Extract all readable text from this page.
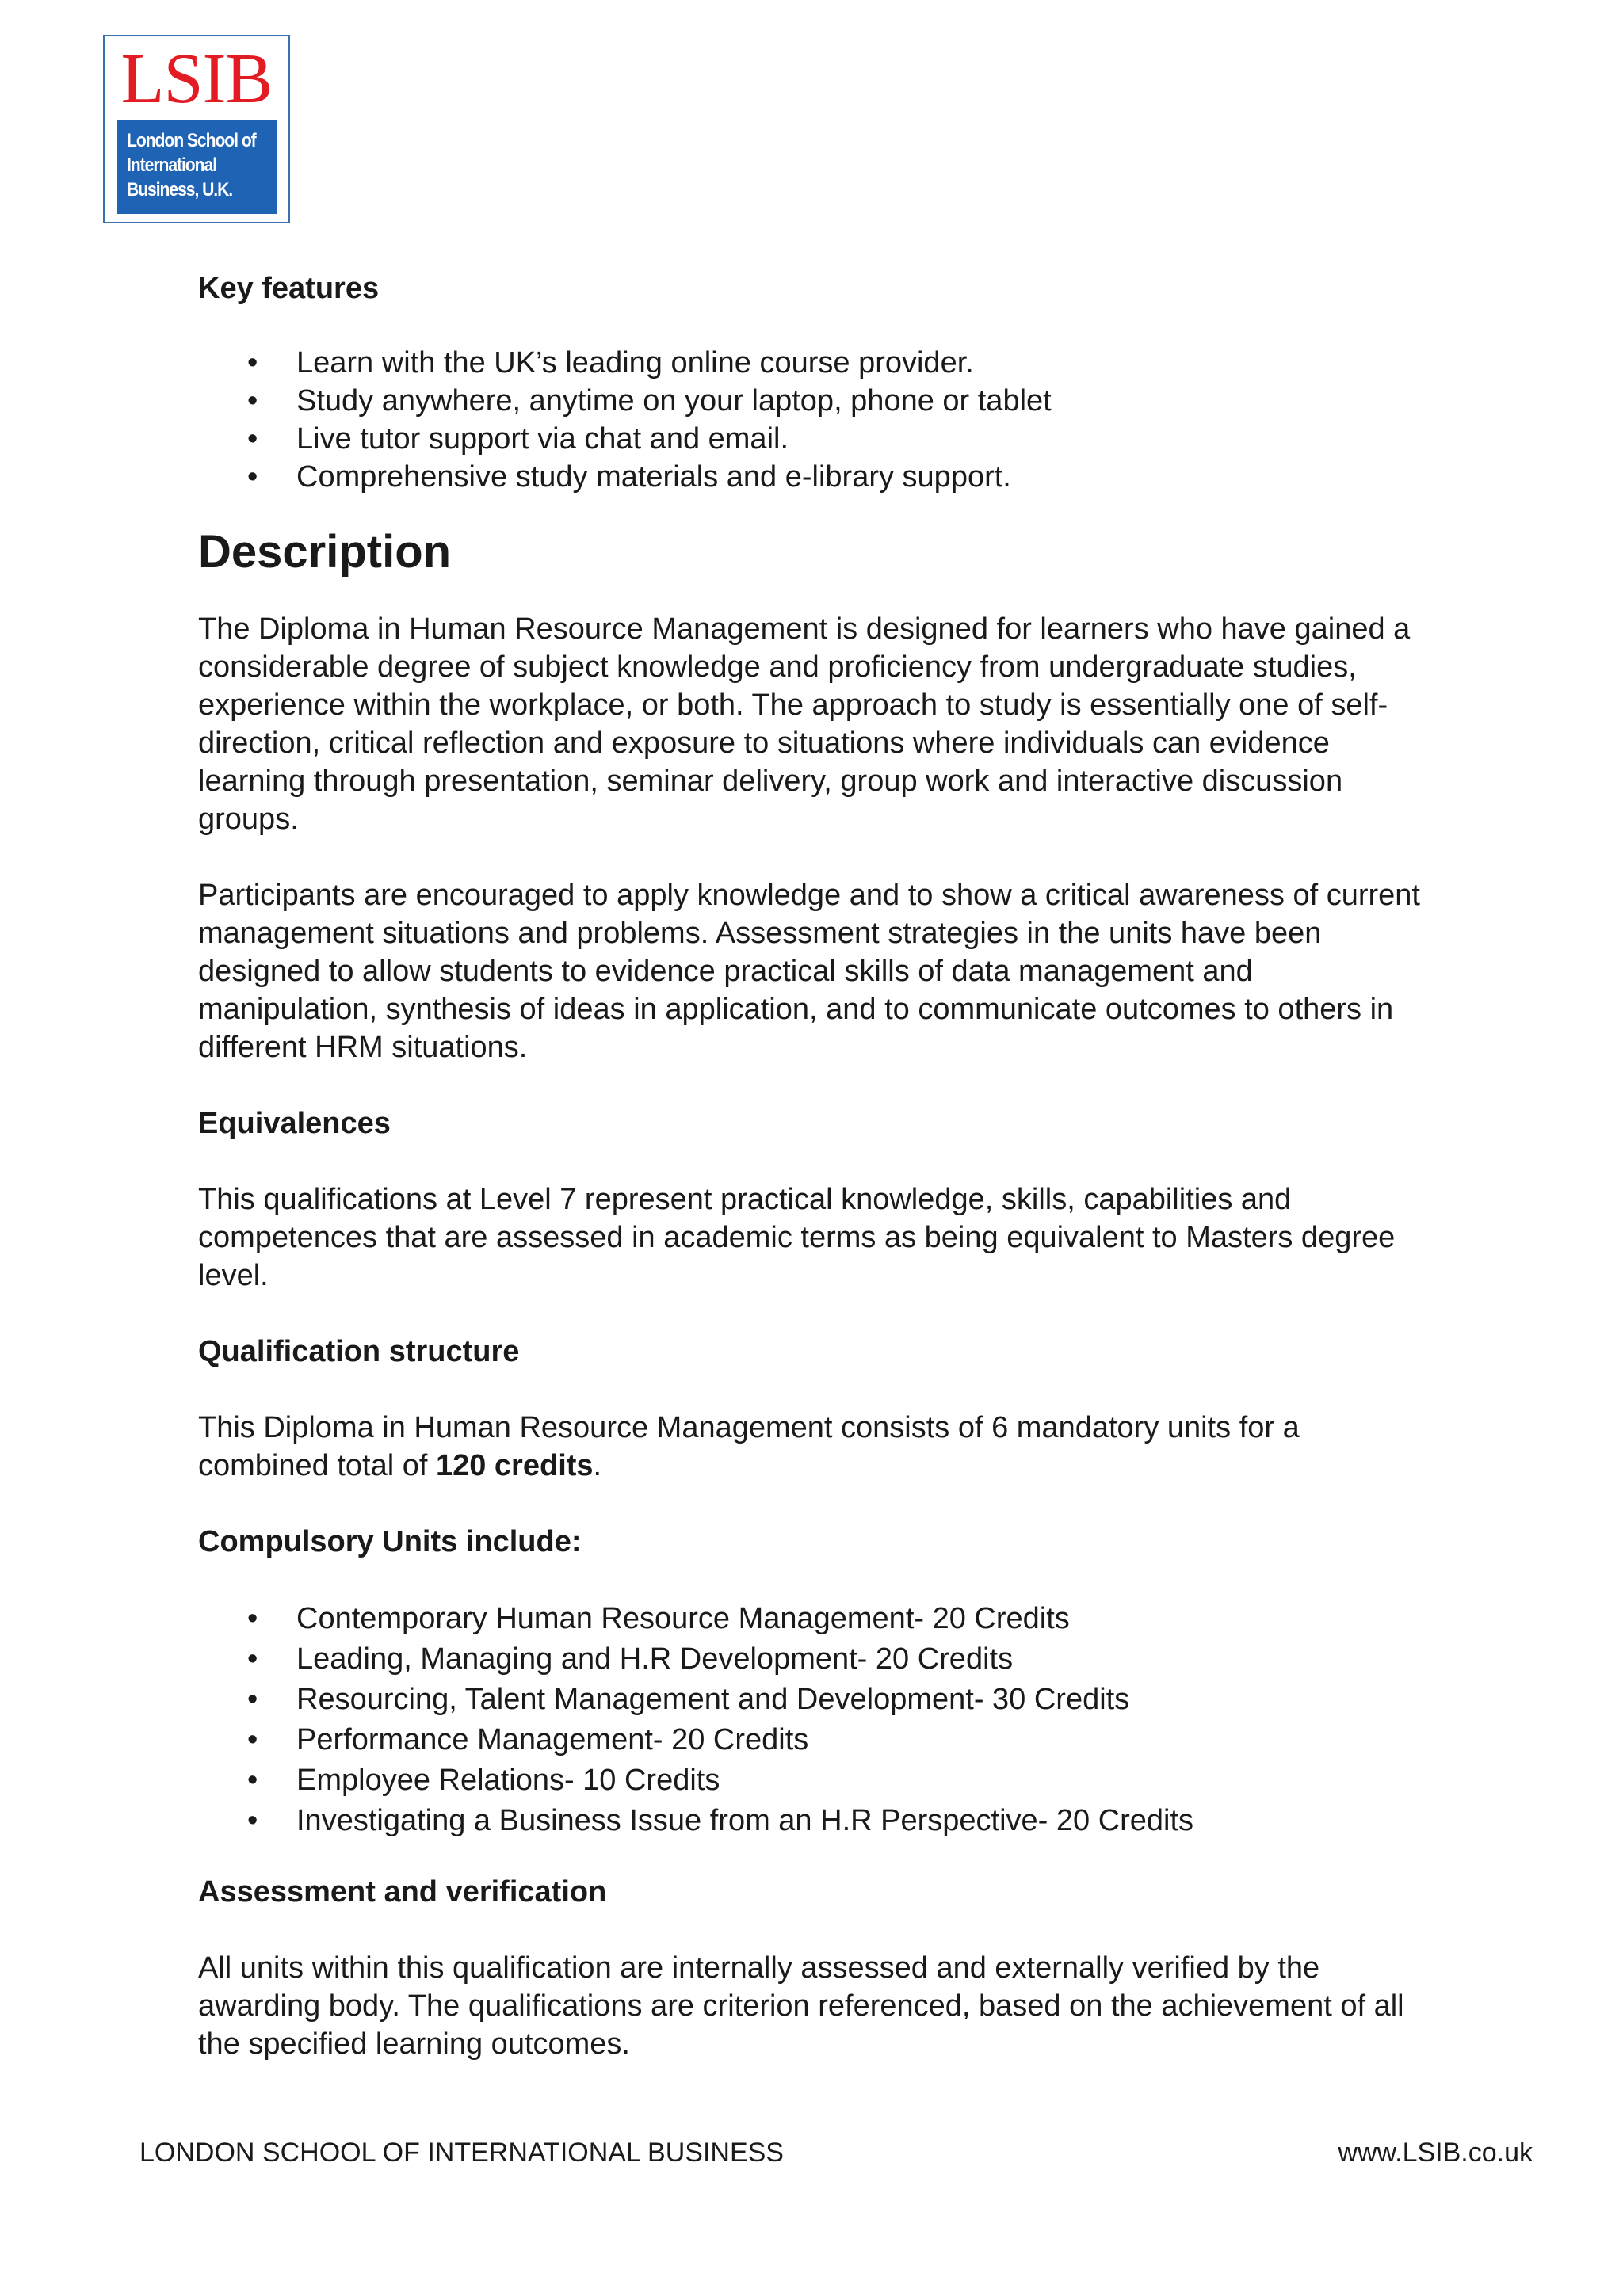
LSIB
London School of
International
Business, U.K.

Key features

• Learn with the UK’s leading online course provider.
• Study anywhere, anytime on your laptop, phone or tablet
• Live tutor support via chat and email.
• Comprehensive study materials and e-library support.

Description

The Diploma in Human Resource Management is designed for learners who have gained a considerable degree of subject knowledge and proficiency from undergraduate studies, experience within the workplace, or both. The approach to study is essentially one of self-direction, critical reflection and exposure to situations where individuals can evidence learning through presentation, seminar delivery, group work and interactive discussion groups.

Participants are encouraged to apply knowledge and to show a critical awareness of current management situations and problems. Assessment strategies in the units have been designed to allow students to evidence practical skills of data management and manipulation, synthesis of ideas in application, and to communicate outcomes to others in different HRM situations.

Equivalences

This qualifications at Level 7 represent practical knowledge, skills, capabilities and competences that are assessed in academic terms as being equivalent to Masters degree level.

Qualification structure

This Diploma in Human Resource Management consists of 6 mandatory units for a combined total of 120 credits.

Compulsory Units include:

• Contemporary Human Resource Management- 20 Credits
• Leading, Managing and H.R Development- 20 Credits
• Resourcing, Talent Management and Development- 30 Credits
• Performance Management- 20 Credits
• Employee Relations- 10 Credits
• Investigating a Business Issue from an H.R Perspective- 20 Credits

Assessment and verification

All units within this qualification are internally assessed and externally verified by the awarding body. The qualifications are criterion referenced, based on the achievement of all the specified learning outcomes.

LONDON SCHOOL OF INTERNATIONAL BUSINESS	www.LSIB.co.uk
